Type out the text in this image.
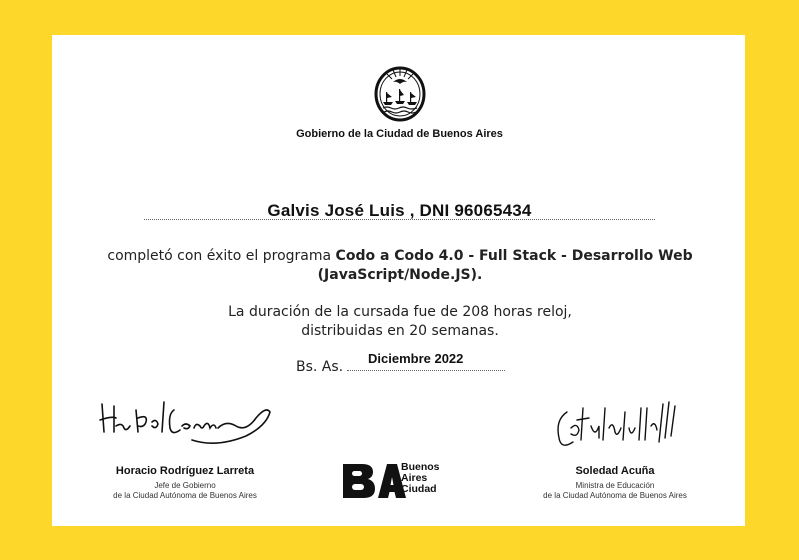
Gobierno de la Ciudad de Buenos Aires
Galvis José Luis , DNI 96065434
completó con éxito el programa Codo a Codo 4.0 - Full Stack - Desarrollo Web (JavaScript/Node.JS).
La duración de la cursada fue de 208 horas reloj,
distribuidas en 20 semanas.
Bs. As.
Diciembre 2022
Horacio Rodríguez Larreta
Jefe de Gobierno
de la Ciudad Autónoma de Buenos Aires
Soledad Acuña
Ministra de Educación
de la Ciudad Autónoma de Buenos Aires
Buenos
Aires
Ciudad
